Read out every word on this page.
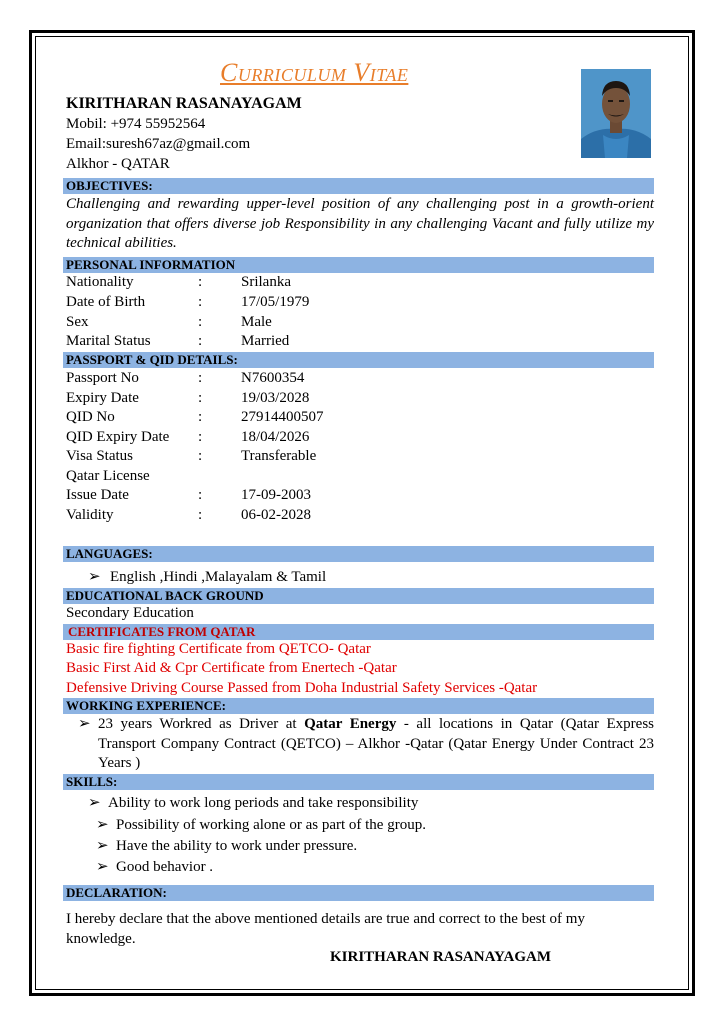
Curriculum Vitae
KIRITHARAN RASANAYAGAM
Mobil: +974 55952564
Email:suresh67az@gmail.com
Alkhor - QATAR
OBJECTIVES:
Challenging and rewarding upper-level position of any challenging post in a growth-orient organization that offers diverse job Responsibility in any challenging Vacant and fully utilize my technical abilities.
PERSONAL INFORMATION
Nationality	:	Srilanka
Date of Birth	:	17/05/1979
Sex	:	Male
Marital Status	:	Married
PASSPORT & QID DETAILS:
Passport No	:	N7600354
Expiry Date	:	19/03/2028
QID No	:	27914400507
QID Expiry Date :	18/04/2026
Visa Status	:	Transferable
Qatar License
Issue Date	:	17-09-2003
Validity	:	06-02-2028
LANGUAGES:
➢ English ,Hindi ,Malayalam & Tamil
EDUCATIONAL BACK GROUND
Secondary Education
CERTIFICATES FROM QATAR
Basic fire fighting Certificate from QETCO- Qatar
Basic First Aid & Cpr Certificate from Enertech -Qatar
Defensive Driving Course Passed from Doha Industrial Safety Services -Qatar
WORKING EXPERIENCE:
➢ 23 years Workred as Driver at Qatar Energy - all locations in Qatar (Qatar Express Transport Company Contract (QETCO) – Alkhor -Qatar (Qatar Energy Under Contract 23 Years )
SKILLS:
➢ Ability to work long periods and take responsibility
➢ Possibility of working alone or as part of the group.
➢ Have the ability to work under pressure.
➢ Good behavior .
DECLARATION:
I hereby declare that the above mentioned details are true and correct to the best of my knowledge.
KIRITHARAN RASANAYAGAM
